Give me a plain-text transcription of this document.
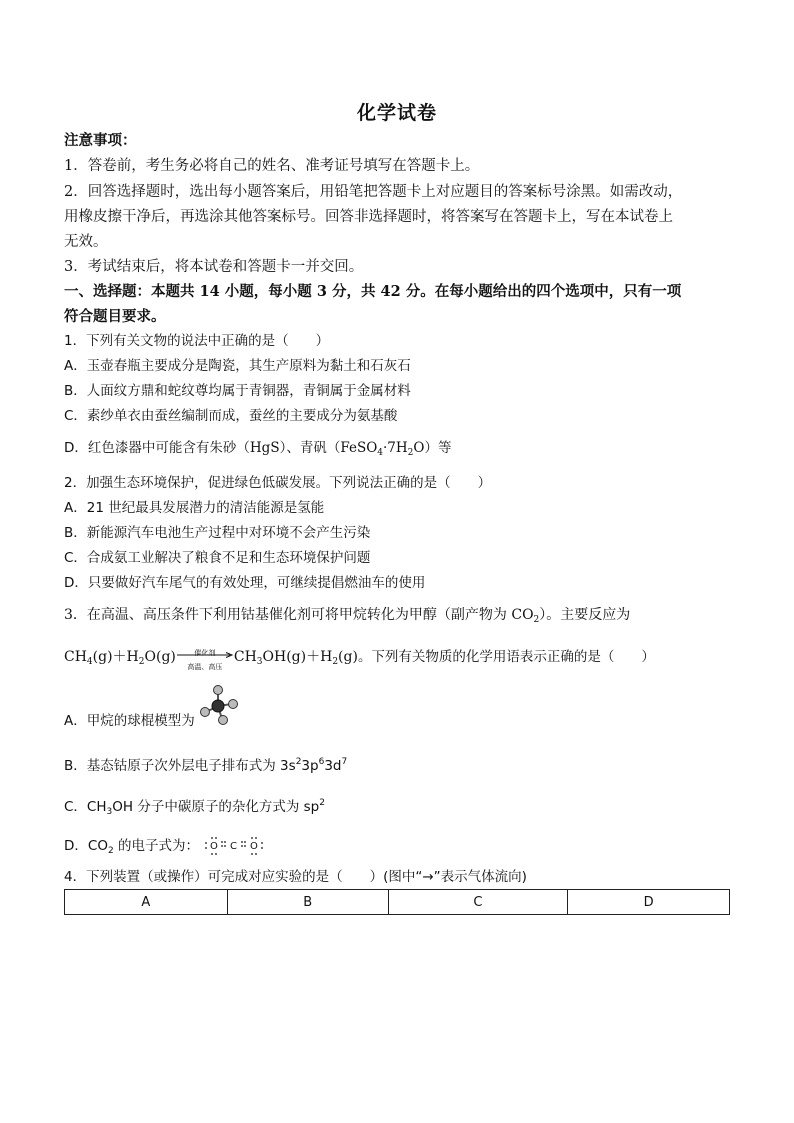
化学试卷
注意事项：
1．答卷前，考生务必将自己的姓名、准考证号填写在答题卡上。
2．回答选择题时，选出每小题答案后，用铅笔把答题卡上对应题目的答案标号涂黑。如需改动，
用橡皮擦干净后，再选涂其他答案标号。回答非选择题时，将答案写在答题卡上，写在本试卷上
无效。
3．考试结束后，将本试卷和答题卡一并交回。
一、选择题：本题共 14 小题，每小题 3 分，共 42 分。在每小题给出的四个选项中，只有一项
符合题目要求。
1．下列有关文物的说法中正确的是（　　）
A．玉壶春瓶主要成分是陶瓷，其生产原料为黏土和石灰石
B．人面纹方鼎和蛇纹尊均属于青铜器，青铜属于金属材料
C．素纱单衣由蚕丝编制而成，蚕丝的主要成分为氨基酸
D．红色漆器中可能含有朱砂（HgS）、青矾$(FeSO_4\cdot 7H_2O)$等
2．加强生态环境保护，促进绿色低碳发展。下列说法正确的是（　　）
A．21 世纪最具发展潜力的清洁能源是氢能
B．新能源汽车电池生产过程中对环境不会产生污染
C．合成氨工业解决了粮食不足和生态环境保护问题
D．只要做好汽车尾气的有效处理，可继续提倡燃油车的使用
3．在高温、高压条件下利用钴基催化剂可将甲烷转化为甲醇（副产物为 $CO_2$）。主要反应为
$CH_4(g)+H_2O(g)$	催化剂
高温、高压
$CH_3OH(g)+H_2(g)$。下列有关物质的化学用语表示正确的是（　　）
A．甲烷的球棍模型为
B．基态钴原子次外层电子排布式为 $3s^23p^63d^7$
C．$CH_3OH$ 分子中碳原子的杂化方式为 $sp^2$
D．$CO_2$ 的电子式为： O C O
4．下列装置（或操作）可完成对应实验的是（　　）(图中“→”表示气体流向)
A	B	C	D
